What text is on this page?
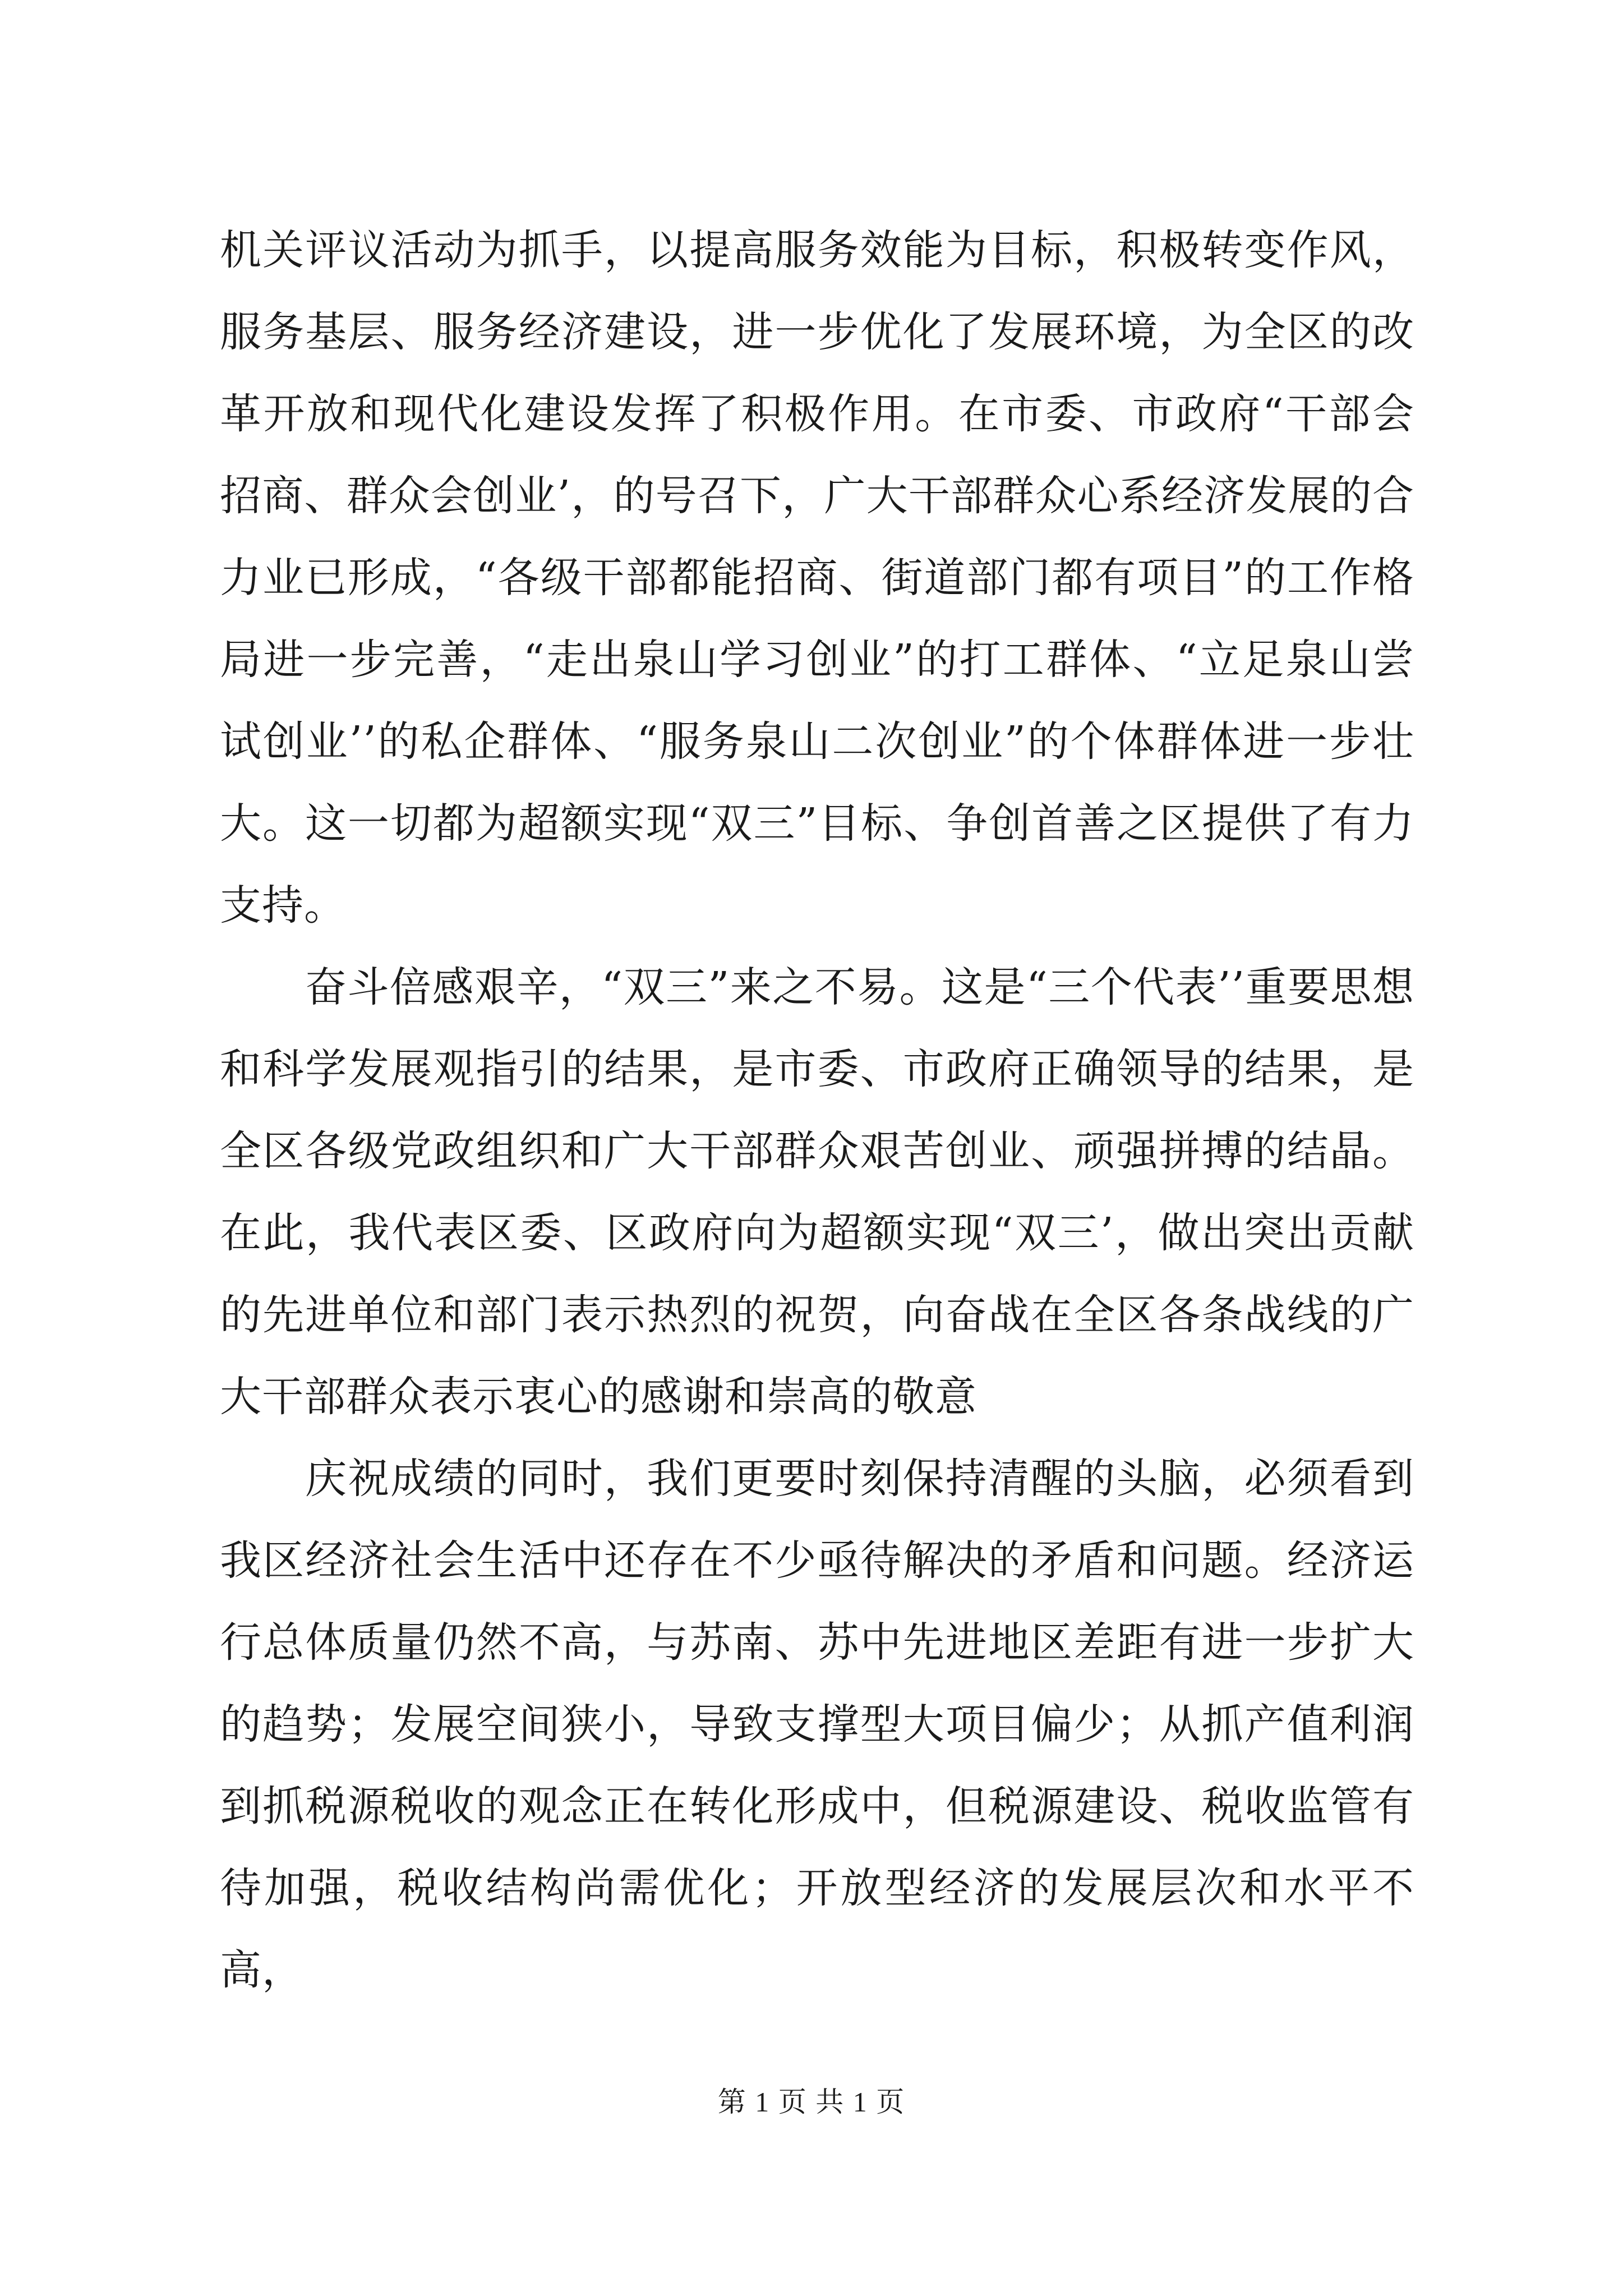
机关评议活动为抓手，以提高服务效能为目标，积极转变作风，服务基层、服务经济建设，进一步优化了发展环境，为全区的改革开放和现代化建设发挥了积极作用。在市委、市政府“干部会招商、群众会创业’，的号召下，广大干部群众心系经济发展的合力业已形成，“各级干部都能招商、街道部门都有项目”的工作格局进一步完善，“走出泉山学习创业”的打工群体、“立足泉山尝试创业’’的私企群体、“服务泉山二次创业”的个体群体进一步壮大。这一切都为超额实现“双三”目标、争创首善之区提供了有力支持。

奋斗倍感艰辛，“双三”来之不易。这是“三个代表’’重要思想和科学发展观指引的结果，是市委、市政府正确领导的结果，是全区各级党政组织和广大干部群众艰苦创业、顽强拼搏的结晶。在此，我代表区委、区政府向为超额实现“双三’，做出突出贡献的先进单位和部门表示热烈的祝贺，向奋战在全区各条战线的广大干部群众表示衷心的感谢和崇高的敬意

庆祝成绩的同时，我们更要时刻保持清醒的头脑，必须看到我区经济社会生活中还存在不少亟待解决的矛盾和问题。经济运行总体质量仍然不高，与苏南、苏中先进地区差距有进一步扩大的趋势；发展空间狭小，导致支撑型大项目偏少；从抓产值利润到抓税源税收的观念正在转化形成中，但税源建设、税收监管有待加强，税收结构尚需优化；开放型经济的发展层次和水平不高，

第 1 页 共 1 页
